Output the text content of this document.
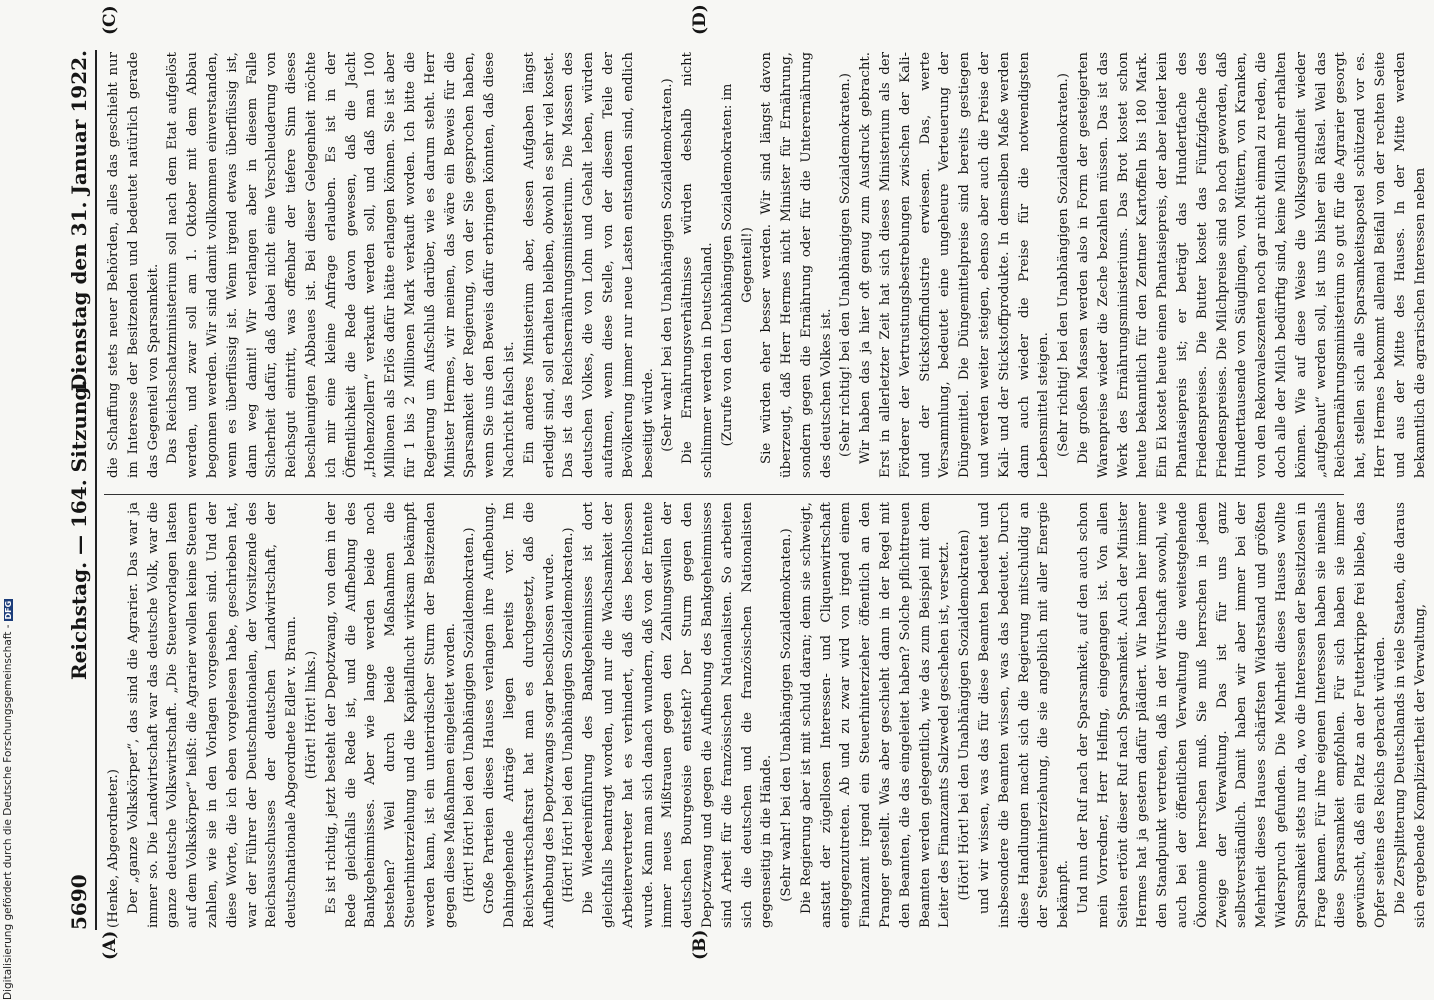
5690
Reichstag. — 164. Sitzung.
Dienstag den 31. Januar 1922.
(A)	(B)
(C)	(D)

(Henke, Abgeordneter.) Der „ganze Volkskörper“, das sind die Agrarier. Das war ja immer so. Die Landwirtschaft war das deutsche Volk, war die ganze deutsche Volkswirtschaft. „Die Steuervorlagen lasten auf dem Volkskörper“ heißt: die Agrarier wollen keine Steuern zahlen, wie sie in den Vorlagen vorgesehen sind. Und der diese Worte, die ich eben vorgelesen habe, geschrieben hat, war der Führer der Deutschnationalen, der Vorsitzende des Reichsausschusses der deutschen Landwirtschaft, der deutschnationale Abgeordnete Edler v. Braun. (Hört! Hört! links.) Es ist richtig, jetzt besteht der Depotzwang, von dem in der Rede gleichfalls die Rede ist, und die Aufhebung des Bankgeheimnisses. Aber wie lange werden beide noch bestehen? Weil durch beide Maßnahmen die Steuerhinterziehung und die Kapitalflucht wirksam bekämpft werden kann, ist ein unterirdischer Sturm der Besitzenden gegen diese Maßnahmen eingeleitet worden. (Hört! Hört! bei den Unabhängigen Sozialdemokraten.) Große Parteien dieses Hauses verlangen ihre Aufhebung. Dahingehende Anträge liegen bereits vor. Im Reichswirtschaftsrat hat man es durchgesetzt, daß die Aufhebung des Depotzwangs sogar beschlossen wurde. (Hört! Hört! bei den Unabhängigen Sozialdemokraten.) Die Wiedereinführung des Bankgeheimnisses ist dort gleichfalls beantragt worden, und nur die Wachsamkeit der Arbeitervertreter hat es verhindert, daß dies beschlossen wurde. Kann man sich danach wundern, daß von der Entente immer neues Mißtrauen gegen den Zahlungswillen der deutschen Bourgeoisie entsteht? Der Sturm gegen den Depotzwang und gegen die Aufhebung des Bankgeheimnisses sind Arbeit für die französischen Nationalisten. So arbeiten sich die deutschen und die französischen Nationalisten gegenseitig in die Hände. (Sehr wahr! bei den Unabhängigen Sozialdemokraten.) Die Regierung aber ist mit schuld daran; denn sie schweigt, anstatt der zügellosen Interessen- und Cliquenwirtschaft entgegenzutreten. Ab und zu zwar wird von irgend einem Finanzamt irgend ein Steuerhinterzieher öffentlich an den Pranger gestellt. Was aber geschieht dann in der Regel mit den Beamten, die das eingeleitet haben? Solche pflichttreuen Beamten werden gelegentlich, wie das zum Beispiel mit dem Leiter des Finanzamts Salzwedel geschehen ist, versetzt. (Hört! Hört! bei den Unabhängigen Sozialdemokraten) und wir wissen, was das für diese Beamten bedeutet und insbesondere die Beamten wissen, was das bedeutet. Durch diese Handlungen macht sich die Regierung mitschuldig an der Steuerhinterziehung, die sie angeblich mit aller Energie bekämpft. Und nun der Ruf nach der Sparsamkeit, auf den auch schon mein Vorredner, Herr Helfing, eingegangen ist. Von allen Seiten ertönt dieser Ruf nach Sparsamkeit. Auch der Minister Hermes hat ja gestern dafür plädiert. Wir haben hier immer den Standpunkt vertreten, daß in der Wirtschaft sowohl, wie auch bei der öffentlichen Verwaltung die weitestgehende Ökonomie herrschen muß. Sie muß herrschen in jedem Zweige der Verwaltung. Das ist für uns ganz selbstverständlich. Damit haben wir aber immer bei der Mehrheit dieses Hauses schärfsten Widerstand und größten Widerspruch gefunden. Die Mehrheit dieses Hauses wollte Sparsamkeit stets nur da, wo die Interessen der Besitzlosen in Frage kamen. Für ihre eigenen Interessen haben sie niemals diese Sparsamkeit empfohlen. Für sich haben sie immer gewünscht, daß ein Platz an der Futterkrippe frei bliebe, das Opfer seitens des Reichs gebracht würden. Die Zersplitterung Deutschlands in viele Staaten, die daraus sich ergebende Kompliziertheit der Verwaltung,

die Schaffung stets neuer Behörden, alles das geschieht nur im Interesse der Besitzenden und bedeutet natürlich gerade das Gegenteil von Sparsamkeit. Das Reichsschatzministerium soll nach dem Etat aufgelöst werden, und zwar soll am 1. Oktober mit dem Abbau begonnen werden. Wir sind damit vollkommen einverstanden, wenn es überflüssig ist. Wenn irgend etwas überflüssig ist, dann weg damit! Wir verlangen aber in diesem Falle Sicherheit dafür, daß dabei nicht eine Verschleuderung von Reichsgut eintritt, was offenbar der tiefere Sinn dieses beschleunigten Abbaues ist. Bei dieser Gelegenheit möchte ich mir eine kleine Anfrage erlauben. Es ist in der Öffentlichkeit die Rede davon gewesen, daß die Jacht „Hohenzollern“ verkauft werden soll, und daß man 100 Millionen als Erlös dafür hätte erlangen können. Sie ist aber für 1 bis 2 Millionen Mark verkauft worden. Ich bitte die Regierung um Aufschluß darüber, wie es darum steht. Herr Minister Hermes, wir meinen, das wäre ein Beweis für die Sparsamkeit der Regierung, von der Sie gesprochen haben, wenn Sie uns den Beweis dafür erbringen könnten, daß diese Nachricht falsch ist. Ein anderes Ministerium aber, dessen Aufgaben längst erledigt sind, soll erhalten bleiben, obwohl es sehr viel kostet. Das ist das Reichsernährungsministerium. Die Massen des deutschen Volkes, die von Lohn und Gehalt leben, würden aufatmen, wenn diese Stelle, von der diesem Teile der Bevölkerung immer nur neue Lasten entstanden sind, endlich beseitigt würde. (Sehr wahr! bei den Unabhängigen Sozialdemokraten.) Die Ernährungsverhältnisse würden deshalb nicht schlimmer werden in Deutschland. (Zurufe von den Unabhängigen Sozialdemokraten: im Gegenteil!) Sie würden eher besser werden. Wir sind längst davon überzeugt, daß Herr Hermes nicht Minister für Ernährung, sondern gegen die Ernährung oder für die Unterernährung des deutschen Volkes ist. (Sehr richtig! bei den Unabhängigen Sozialdemokraten.) Wir haben das ja hier oft genug zum Ausdruck gebracht. Erst in allerletzter Zeit hat sich dieses Ministerium als der Förderer der Vertrustungsbestrebungen zwischen der Kali- und der Stickstoffindustrie erwiesen. Das, werte Versammlung, bedeutet eine ungeheure Verteuerung der Düngemittel. Die Düngemittelpreise sind bereits gestiegen und werden weiter steigen, ebenso aber auch die Preise der Kali- und der Stickstoffprodukte. In demselben Maße werden dann auch wieder die Preise für die notwendigsten Lebensmittel steigen. (Sehr richtig! bei den Unabhängigen Sozialdemokraten.) Die großen Massen werden also in Form der gesteigerten Warenpreise wieder die Zeche bezahlen müssen. Das ist das Werk des Ernährungsministeriums. Das Brot kostet schon heute bekanntlich für den Zentner Kartoffeln bis 180 Mark. Ein Ei kostet heute einen Phantasiepreis, der aber leider kein Phantasiepreis ist; er beträgt das Hundertfache des Friedenspreises. Die Butter kostet das Fünfzigfache des Friedenspreises. Die Milchpreise sind so hoch geworden, daß Hunderttausende von Säuglingen, von Müttern, von Kranken, von den Rekonvaleszenten noch gar nicht einmal zu reden, die doch alle der Milch bedürftig sind, keine Milch mehr erhalten können. Wie auf diese Weise die Volksgesundheit wieder „aufgebaut“ werden soll, ist uns bisher ein Rätsel. Weil das Reichsernährungsministerium so gut für die Agrarier gesorgt hat, stellen sich alle Sparsamkeitsapostel schützend vor es. Herr Hermes bekommt allemal Beifall von der rechten Seite und aus der Mitte des Hauses. In der Mitte werden bekanntlich die agrarischen Interessen neben

Digitalisierung gefördert durch die Deutsche Forschungsgemeinschaft -DFG
